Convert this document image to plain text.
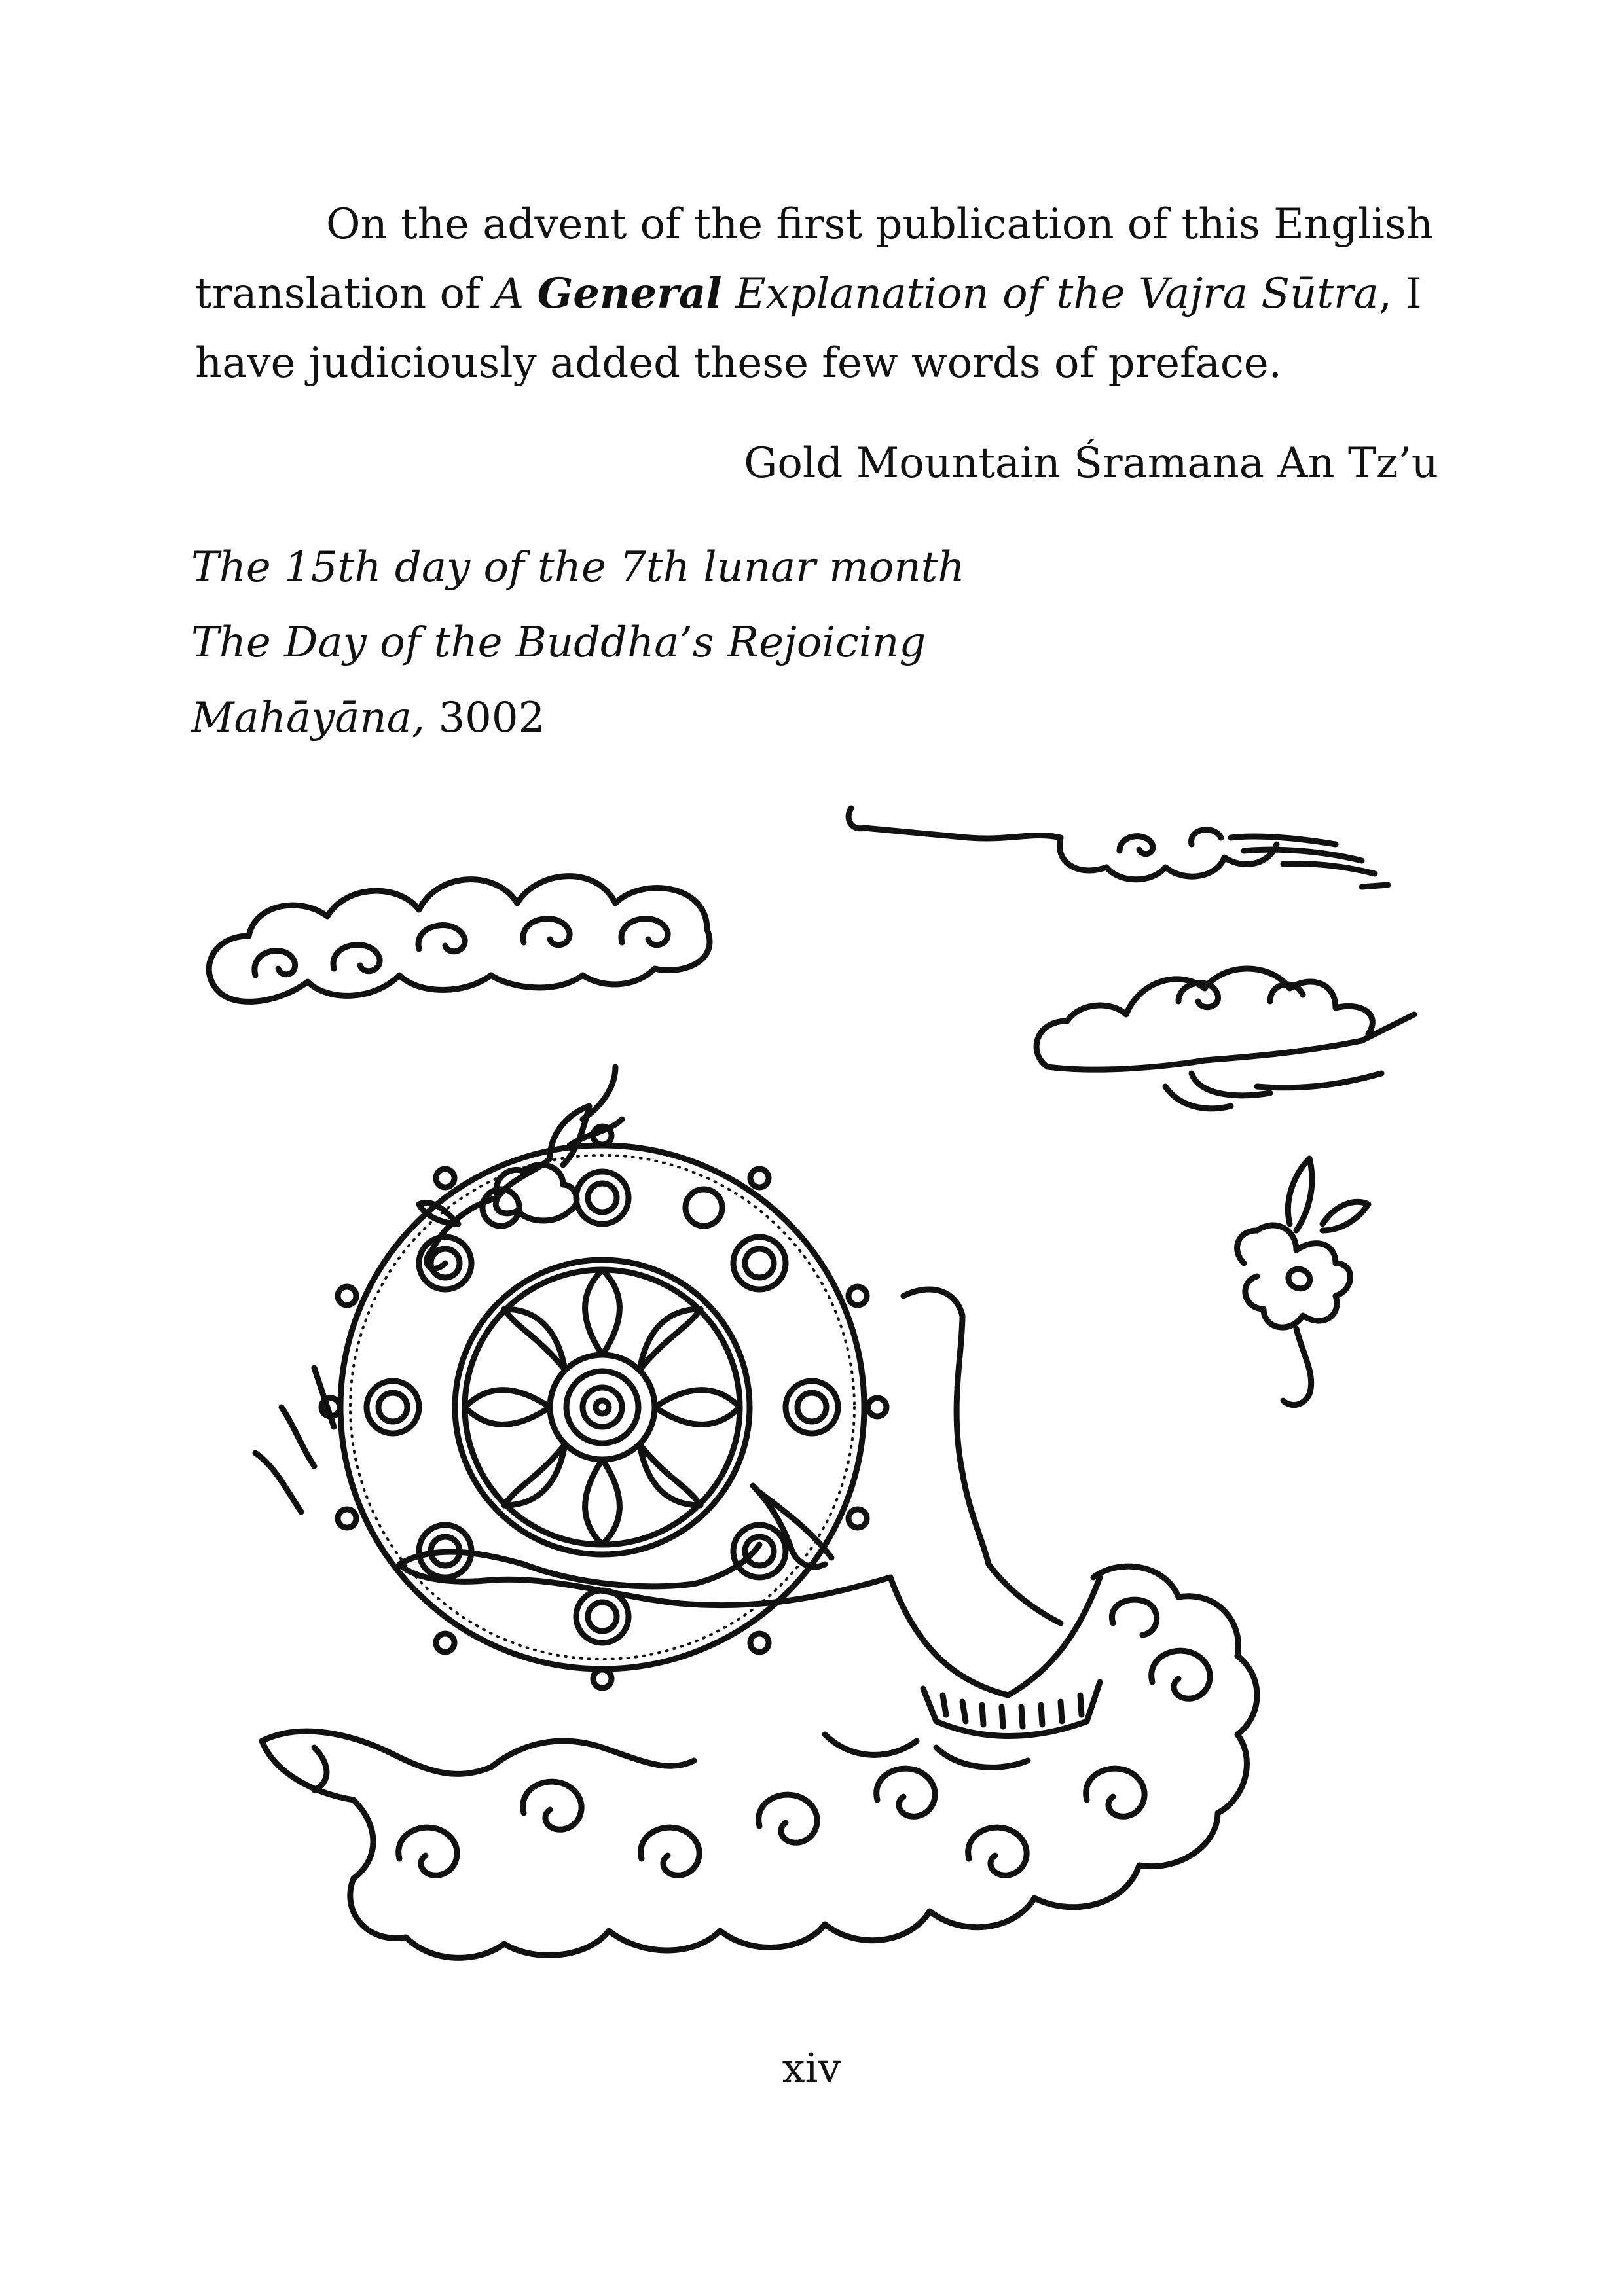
On the advent of the first publication of this English translation of A General Explanation of the Vajra Sūtra, I have judiciously added these few words of preface.

Gold Mountain Śramana An Tz’u

The 15th day of the 7th lunar month
The Day of the Buddha’s Rejoicing
Mahāyāna, 3002

xiv
